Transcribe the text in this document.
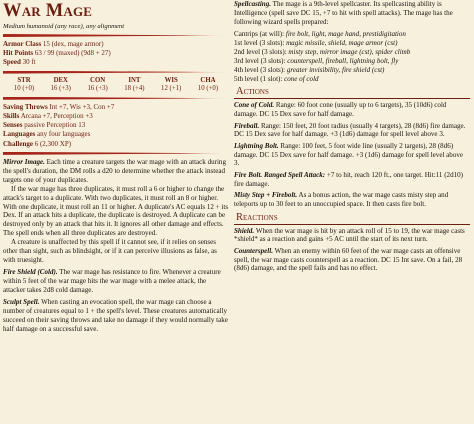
War Mage
Medium humanoid (any race), any alignment
Armor Class 15 (dex, mage armor)
Hit Points 63 / 99 (maxed) (9d8 + 27)
Speed 30 ft
STR
10 (+0)
DEX
16 (+3)
CON
16 (+3)
INT
18 (+4)
WIS
12 (+1)
CHA
10 (+0)
Saving Throws Int +7, Wis +3, Con +7
Skills Arcana +7, Perception +3
Senses passive Perception 13
Languages any four languages
Challenge 6 (2,300 XP)

Mirror Image. Each time a creature targets the war mage with an attack during the spell's duration, the DM rolls a d20 to determine whether the attack instead targets one of your duplicates.

If the war mage has three duplicates, it must roll a 6 or higher to change the attack's target to a duplicate. With two duplicates, it must roll an 8 or higher. With one duplicate, it must roll an 11 or higher. A duplicate's AC equals 12 + its Dex. If an attack hits a duplicate, the duplicate is destroyed. A duplicate can be destroyed only by an attack that hits it. It ignores all other damage and effects. The spell ends when all three duplicates are destroyed.

A creature is unaffected by this spell if it cannot see, if it relies on senses other than sight, such as blindsight, or if it can perceive illusions as false, as with truesight.

Fire Shield (Cold). The war mage has resistance to fire. Whenever a creature within 5 feet of the war mage hits the war mage with a melee attack, the attacker takes 2d8 cold damage.

Sculpt Spell. When casting an evocation spell, the war mage can choose a number of creatures equal to 1 + the spell's level. These creatures automatically succeed on their saving throws and take no damage if they would normally take half damage on a successful save.

Spellcasting. The mage is a 9th-level spellcaster. Its spellcasting ability is Intelligence (spell save DC 15, +7 to hit with spell attacks). The mage has the following wizard spells prepared:

Cantrips (at will): fire bolt, light, mage hand, prestidigitation
1st level (3 slots): magic missile, shield, mage armor (cst)
2nd level (3 slots): misty step, mirror image (cst), spider climb
3rd level (3 slots): counterspell, fireball, lightning bolt, fly
4th level (3 slots): greater invisibility, fire shield (cst)
5th level (1 slot): cone of cold
Actions

Cone of Cold. Range: 60 foot cone (usually up to 6 targets), 35 (10d6) cold damage. DC 15 Dex save for half damage.

Fireball. Range: 150 feet, 20 foot radius (usually 4 targets), 28 (8d6) fire damage. DC 15 Dex save for half damage. +3 (1d6) damage for spell level above 3.

Lightning Bolt. Range: 100 feet, 5 foot wide line (usually 2 targets), 28 (8d6) damage. DC 15 Dex save for half damage. +3 (1d6) damage for spell level above 3.

Fire Bolt. Ranged Spell Attack: +7 to hit, reach 120 ft., one target. Hit:11 (2d10) fire damage.

Misty Step + Firebolt. As a bonus action, the war mage casts misty step and teleports up to 30 feet to an unoccupied space. It then casts fire bolt.

Reactions

Shield. When the war mage is hit by an attack roll of 15 to 19, the war mage casts *shield* as a reaction and gains +5 AC until the start of its next turn.

Counterspell. When an enemy within 60 feet of the war mage casts an offensive spell, the war mage casts counterspell as a reaction. DC 15 Int save. On a fail, 28 (8d6) damage, and the spell fails and has no effect.
